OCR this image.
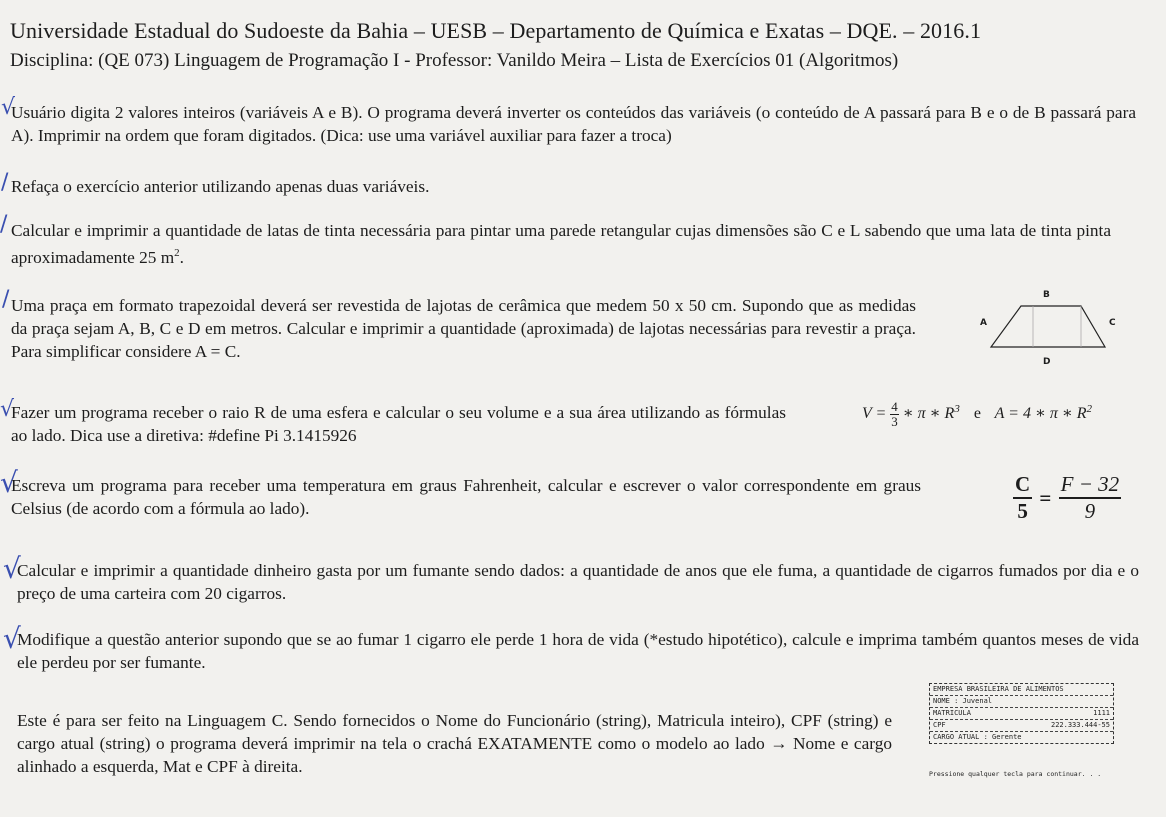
Universidade Estadual do Sudoeste da Bahia – UESB – Departamento de Química e Exatas – DQE. – 2016.1
Disciplina: (QE 073) Linguagem de Programação I - Professor: Vanildo Meira – Lista de Exercícios 01 (Algoritmos)
√
Usuário digita 2 valores inteiros (variáveis A e B). O programa deverá inverter os conteúdos das variáveis (o conteúdo de A passará para B e o de B passará para A). Imprimir na ordem que foram digitados. (Dica: use uma variável auxiliar para fazer a troca)
/ Refaça o exercício anterior utilizando apenas duas variáveis.
/ Calcular e imprimir a quantidade de latas de tinta necessária para pintar uma parede retangular cujas dimensões são C e L sabendo que uma lata de tinta pinta aproximadamente 25 $m^2$.
/ Uma praça em formato trapezoidal deverá ser revestida de lajotas de cerâmica que medem 50 x 50 cm. Supondo que as medidas da praça sejam A, B, C e D em metros. Calcular e imprimir a quantidade (aproximada) de lajotas necessárias para revestir a praça. Para simplificar considere A = C.
B
A	C
D
√
Fazer um programa receber o raio R de uma esfera e calcular o seu volume e a sua área utilizando as fórmulas ao lado. Dica use a diretiva: #define Pi 3.1415926
$V = \frac{4}{3}$ ∗ π ∗ $R^3$ e A = 4 ∗ π ∗ $R^2$
√
Escreva um programa para receber uma temperatura em graus Fahrenheit, calcular e escrever o valor correspondente em graus Celsius (de acordo com a fórmula ao lado).	$\frac{C}{5} = \frac{F - 32}{9}$
√
Calcular e imprimir a quantidade dinheiro gasta por um fumante sendo dados: a quantidade de anos que ele fuma, a quantidade de cigarros fumados por dia e o preço de uma carteira com 20 cigarros.
√
Modifique a questão anterior supondo que se ao fumar 1 cigarro ele perde 1 hora de vida (*estudo hipotético), calcule e imprima também quantos meses de vida ele perdeu por ser fumante.
Este é para ser feito na Linguagem C. Sendo fornecidos o Nome do Funcionário (string), Matricula inteiro), CPF (string) e cargo atual (string) o programa deverá imprimir na tela o crachá EXATAMENTE como o modelo ao lado → Nome e cargo alinhado a esquerda, Mat e CPF à direita.
EMPRESA BRASILEIRA DE ALIMENTOS
NOME : Juvenal
MATRICULA	1111
CPF	222.333.444-55
CARGO ATUAL : Gerente
Pressione qualquer tecla para continuar. . .
